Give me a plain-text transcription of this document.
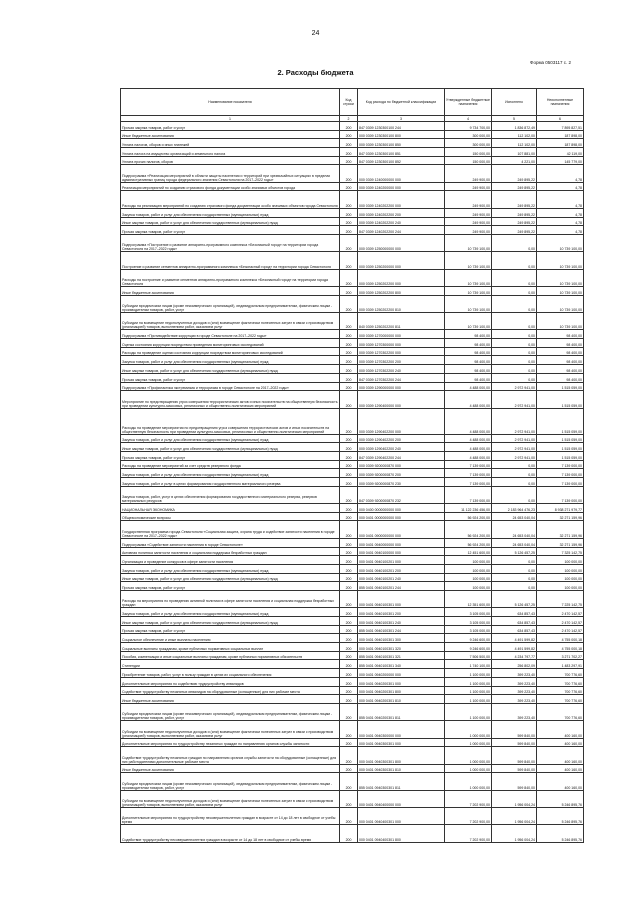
24
Форма 0503117 с. 2
2. Расходы бюджета
Наименование показателя	Код строки	Код расхода по бюджетной классификации	Утвержденные бюджетные назначения	Исполнено	Неисполненные назначения
1	2	3	4	5	6
Прочая закупка товаров, работ и услуг	200	847 0309 1230300100 244	9 734 700,00	1 836 872,49	7 895 827,51
Иные бюджетные ассигнования	200	000 0309 1230300100 800	300 000,00	112 102,00	187 898,00
Уплата налогов, сборов и иных платежей	200	000 0309 1230300100 850	300 000,00	112 102,00	187 898,00
Уплата налога на имущество организаций и земельного налога	200	847 0309 1230300100 851	150 000,00	107 881,00	42 119,00
Уплата прочих налогов, сборов	200	847 0309 1230300100 852	150 000,00	4 221,00	145 779,00
Подпрограмма «Реализация мероприятий в области защиты населения и территорий при чрезвычайных ситуациях в пределах административных границ города федерального значения Севастополя на 2017–2022 годы»	200	000 0309 1240000000 000	249 900,00	249 895,22	4,78
Реализация мероприятий по созданию страхового фонда документации особо значимых объектов города	200	000 0309 1240200000 000	249 900,00	249 895,22	4,78
Расходы на реализацию мероприятий по созданию страхового фонда документации особо значимых объектов города Севастополя	200	000 0309 1240202200 000	249 900,00	249 895,22	4,78
Закупка товаров, работ и услуг для обеспечения государственных (муниципальных) нужд	200	000 0309 1240202200 200	249 900,00	249 895,22	4,78
Иные закупки товаров, работ и услуг для обеспечения государственных (муниципальных) нужд	200	000 0309 1240202200 240	249 900,00	249 895,22	4,78
Прочая закупка товаров, работ и услуг	200	847 0309 1240202200 244	249 900,00	249 895,22	4,78
Подпрограмма «Построение и развитие аппаратно-программного комплекса «Безопасный город» на территории города Севастополя на 2017–2022 годы»	200	000 0309 1250000000 000	10 739 100,00	0,00	10 739 100,00
Построение и развитие сегментов аппаратно-программного комплекса «Безопасный город» на территории города Севастополя	200	000 0309 1250200000 000	10 739 100,00	0,00	10 739 100,00
Расходы на построение и развитие сегментов аппаратно-программного комплекса «Безопасный город» на территории города Севастополя	200	000 0309 1250202200 000	10 739 100,00	0,00	10 739 100,00
Иные бюджетные ассигнования	200	000 0309 1250202200 800	10 739 100,00	0,00	10 739 100,00
Субсидии юридическим лицам (кроме некоммерческих организаций), индивидуальным предпринимателям, физическим лицам - производителям товаров, работ, услуг	200	000 0309 1250202200 810	10 739 100,00	0,00	10 739 100,00
Субсидии на возмещение недополученных доходов и (или) возмещение фактически понесенных затрат в связи с производством (реализацией) товаров, выполнением работ, оказанием услуг	200	840 0309 1250202200 811	10 739 100,00	0,00	10 739 100,00
Подпрограмма «Противодействие коррупции в городе Севастополе на 2017–2022 годы»	200	000 0309 1270000000 000	98 400,00	0,00	98 400,00
Оценка состояния коррупции посредством проведения мониторинговых исследований	200	000 0309 1270300000 000	98 400,00	0,00	98 400,00
Расходы на проведение оценки состояния коррупции посредством мониторинговых исследований	200	000 0309 1270302200 000	98 400,00	0,00	98 400,00
Закупка товаров, работ и услуг для обеспечения государственных (муниципальных) нужд	200	000 0309 1270302200 200	98 400,00	0,00	98 400,00
Иные закупки товаров, работ и услуг для обеспечения государственных (муниципальных) нужд	200	000 0309 1270302200 240	98 400,00	0,00	98 400,00
Прочая закупка товаров, работ и услуг	200	847 0309 1270302200 244	98 400,00	0,00	98 400,00
Подпрограмма «Профилактика экстремизма и терроризма в городе Севастополе на 2017–2022 годы»	200	000 0309 1290000000 000	4 488 000,00	2 972 941,00	1 515 059,00
Мероприятие по предотвращению угроз совершения террористических актов и иных посягательств на общественную безопасность при проведении культурно-массовых, религиозных и общественно-политических мероприятий	200	000 0309 1290400000 000	4 488 000,00	2 972 941,00	1 515 059,00
Расходы на проведение мероприятия по предотвращению угроз совершения террористических актов и иных посягательств на общественную безопасность при проведении культурно-массовых, религиозных и общественно-политических мероприятий	200	000 0309 1290402200 000	4 488 000,00	2 972 941,00	1 515 059,00
Закупка товаров, работ и услуг для обеспечения государственных (муниципальных) нужд	200	000 0309 1290402200 200	4 488 000,00	2 972 941,00	1 515 059,00
Иные закупки товаров, работ и услуг для обеспечения государственных (муниципальных) нужд	200	000 0309 1290402200 240	4 488 000,00	2 972 941,00	1 515 059,00
Прочая закупка товаров, работ и услуг	200	847 0309 1290402200 244	4 488 000,00	2 972 941,00	1 515 059,00
Расходы на проведение мероприятий за счет средств резервного фонда	200	000 0309 9200000870 000	7 139 000,00	0,00	7 139 000,00
Закупка товаров, работ и услуг для обеспечения государственных (муниципальных) нужд	200	000 0309 9200000870 200	7 139 000,00	0,00	7 139 000,00
Закупка товаров, работ и услуг в целях формирования государственного материального резерва	200	000 0309 9200000870 230	7 139 000,00	0,00	7 139 000,00
Закупка товаров, работ, услуг в целях обеспечения формирования государственного материального резерва, резервов материальных ресурсов	200	847 0309 9200000870 232	7 139 000,00	0,00	7 139 000,00
НАЦИОНАЛЬНАЯ ЭКОНОМИКА	200	000 0400 0000000000 000	11 122 236 456,00	2 183 964 476,23	8 938 271 979,77
Общеэкономические вопросы	200	000 0401 0000000000 000	56 924 200,00	24 653 040,04	32 271 159,96
Государственная программа города Севастополя «Социальная защита, охрана труда и содействие занятости населения в городе Севастополе на 2017–2022 годы»	200	000 0401 0900000000 000	56 924 200,00	24 653 040,04	32 271 159,96
Подпрограмма «Содействие занятости населения в городе Севастополе»	200	000 0401 0940000000 000	56 924 200,00	24 653 040,04	32 271 159,96
Активная политика занятости населения и социальная поддержка безработных граждан	200	000 0401 0940100000 000	12 451 600,00	5 126 457,25	7 325 142,75
Организация и проведение конкурсов в сфере занятости населения	200	000 0401 0940100201 000	100 000,00	0,00	100 000,00
Закупка товаров, работ и услуг для обеспечения государственных (муниципальных) нужд	200	000 0401 0940100201 200	100 000,00	0,00	100 000,00
Иные закупки товаров, работ и услуг для обеспечения государственных (муниципальных) нужд	200	000 0401 0940100201 240	100 000,00	0,00	100 000,00
Прочая закупка товаров, работ и услуг	200	855 0401 0940100201 244	100 000,00	0,00	100 000,00
Расходы на мероприятия по проведению активной политики в сфере занятости населения и социальная поддержка безработных граждан	200	000 0401 0940100301 000	12 351 600,00	5 126 457,25	7 225 142,75
Закупка товаров, работ и услуг для обеспечения государственных (муниципальных) нужд	200	000 0401 0940100301 200	3 105 000,00	634 857,43	2 470 142,57
Иные закупки товаров, работ и услуг для обеспечения государственных (муниципальных) нужд	200	000 0401 0940100301 240	3 105 000,00	634 857,43	2 470 142,57
Прочая закупка товаров, работ и услуг	200	855 0401 0940100301 244	3 105 000,00	634 857,43	2 470 142,57
Социальное обеспечение и иные выплаты населению	200	000 0401 0940100301 300	9 246 600,00	4 491 599,82	4 755 000,18
Социальные выплаты гражданам, кроме публичных нормативных социальных выплат	200	000 0401 0940100301 320	9 246 600,00	4 491 599,82	4 755 000,18
Пособия, компенсации и иные социальные выплаты гражданам, кроме публичных нормативных обязательств	200	855 0401 0940100301 321	7 506 500,00	4 234 797,77	3 271 702,27
Стипендии	200	855 0401 0940100301 340	1 740 100,00	256 802,09	1 483 297,91
Приобретение товаров, работ, услуг в пользу граждан в целях их социального обеспечения	200	000 0401 0940200000 000	1 100 000,00	399 223,40	700 776,60
Дополнительные мероприятия по содействию трудоустройству инвалидов	200	000 0401 0940200301 000	1 100 000,00	399 223,40	700 776,60
Содействие трудоустройству незанятых инвалидов на оборудованные (оснащенные) для них рабочие места	200	000 0401 0940200301 800	1 100 000,00	399 223,40	700 776,60
Иные бюджетные ассигнования	200	000 0401 0940200301 810	1 100 000,00	399 223,40	700 776,60
Субсидии юридическим лицам (кроме некоммерческих организаций), индивидуальным предпринимателям, физическим лицам - производителям товаров, работ, услуг	200	855 0401 0940200301 811	1 100 000,00	399 223,40	700 776,60
Субсидии на возмещение недополученных доходов и (или) возмещение фактически понесенных затрат в связи с производством (реализацией) товаров, выполнением работ, оказанием услуг	200	000 0401 0940300000 000	1 000 000,00	599 840,00	400 160,00
Дополнительные мероприятия по трудоустройству незанятых граждан по направлению органов службы занятости	200	000 0401 0940300301 000	1 000 000,00	599 840,00	400 160,00
Содействие трудоустройству незанятых граждан по направлению органов службы занятости на оборудованные (оснащенные) для них работодателями дополнительные рабочие места	200	000 0401 0940300301 800	1 000 000,00	599 840,00	400 160,00
Иные бюджетные ассигнования	200	000 0401 0940300301 810	1 000 000,00	599 840,00	400 160,00
Субсидии юридическим лицам (кроме некоммерческих организаций), индивидуальным предпринимателям, физическим лицам - производителям товаров, работ, услуг	200	855 0401 0940300301 811	1 000 000,00	599 840,00	400 160,00
Субсидии на возмещение недополученных доходов и (или) возмещение фактически понесенных затрат в связи с производством (реализацией) товаров, выполнением работ, оказанием услуг	200	000 0401 0940400000 000	7 202 900,00	1 956 004,24	5 246 895,76
Дополнительные мероприятия по трудоустройству несовершеннолетних граждан в возрасте от 14 до 18 лет в свободное от учебы время	200	000 0401 0940400301 000	7 202 900,00	1 956 004,24	5 246 895,76
Содействие трудоустройству несовершеннолетних граждан в возрасте от 14 до 18 лет в свободное от учебы время	200	000 0401 0940400301 800	7 202 900,00	1 956 004,24	5 246 895,76
